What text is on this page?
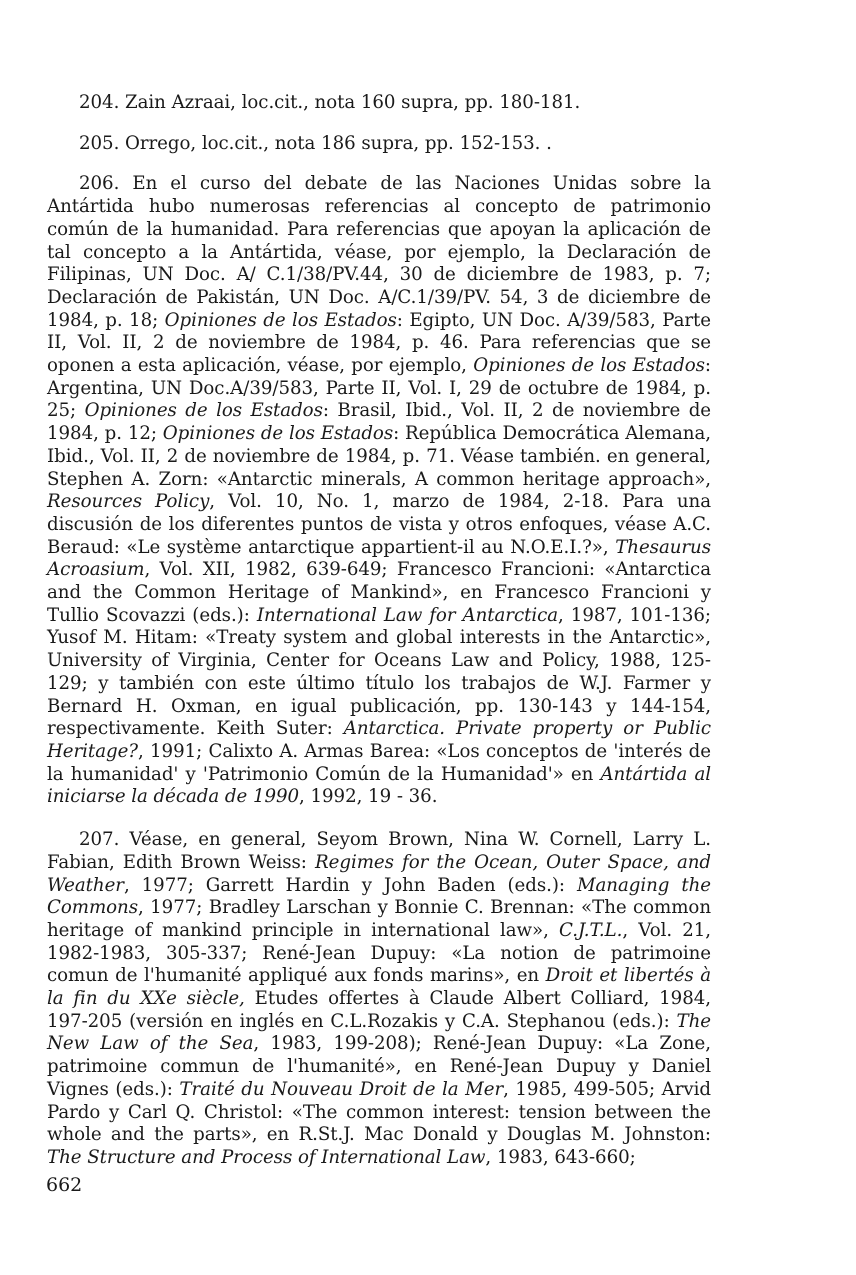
204. Zain Azraai, loc.cit., nota 160 supra, pp. 180-181.

205. Orrego, loc.cit., nota 186 supra, pp. 152-153. .

206. En el curso del debate de las Naciones Unidas sobre la Antártida hubo numerosas referencias al concepto de patrimonio común de la humanidad. Para referencias que apoyan la aplicación de tal concepto a la Antártida, véase, por ejemplo, la Declaración de Filipinas, UN Doc. A/ C.1/38/PV.44, 30 de diciembre de 1983, p. 7; Declaración de Pakistán, UN Doc. A/C.1/39/PV. 54, 3 de diciembre de 1984, p. 18; Opiniones de los Estados: Egipto, UN Doc. A/39/583, Parte II, Vol. II, 2 de noviembre de 1984, p. 46. Para referencias que se oponen a esta aplicación, véase, por ejemplo, Opiniones de los Estados: Argentina, UN Doc.A/39/583, Parte II, Vol. I, 29 de octubre de 1984, p. 25; Opiniones de los Estados: Brasil, Ibid., Vol. II, 2 de noviembre de 1984, p. 12; Opiniones de los Estados: República Democrática Alemana, Ibid., Vol. II, 2 de noviembre de 1984, p. 71. Véase también. en general, Stephen A. Zorn: «Antarctic minerals, A common heritage approach», Resources Policy, Vol. 10, No. 1, marzo de 1984, 2-18. Para una discusión de los diferentes puntos de vista y otros enfoques, véase A.C. Beraud: «Le système antarctique appartient-il au N.O.E.I.?», Thesaurus Acroasium, Vol. XII, 1982, 639-649; Francesco Francioni: «Antarctica and the Common Heritage of Mankind», en Francesco Francioni y Tullio Scovazzi (eds.): International Law for Antarctica, 1987, 101-136; Yusof M. Hitam: «Treaty system and global interests in the Antarctic», University of Virginia, Center for Oceans Law and Policy, 1988, 125-129; y también con este último título los trabajos de W.J. Farmer y Bernard H. Oxman, en igual publicación, pp. 130-143 y 144-154, respectivamente. Keith Suter: Antarctica. Private property or Public Heritage?, 1991; Calixto A. Armas Barea: «Los conceptos de 'interés de la humanidad' y 'Patrimonio Común de la Humanidad'» en Antártida al iniciarse la década de 1990, 1992, 19 - 36.

207. Véase, en general, Seyom Brown, Nina W. Cornell, Larry L. Fabian, Edith Brown Weiss: Regimes for the Ocean, Outer Space, and Weather, 1977; Garrett Hardin y John Baden (eds.): Managing the Commons, 1977; Bradley Larschan y Bonnie C. Brennan: «The common heritage of mankind principle in international law», C.J.T.L., Vol. 21, 1982-1983, 305-337; René-Jean Dupuy: «La notion de patrimoine comun de l'humanité appliqué aux fonds marins», en Droit et libertés à la fin du XXe siècle, Etudes offertes à Claude Albert Colliard, 1984, 197-205 (versión en inglés en C.L.Rozakis y C.A. Stephanou (eds.): The New Law of the Sea, 1983, 199-208); René-Jean Dupuy: «La Zone, patrimoine commun de l'humanité», en René-Jean Dupuy y Daniel Vignes (eds.): Traité du Nouveau Droit de la Mer, 1985, 499-505; Arvid Pardo y Carl Q. Christol: «The common interest: tension between the whole and the parts», en R.St.J. Mac Donald y Douglas M. Johnston: The Structure and Process of International Law, 1983, 643-660;

662
